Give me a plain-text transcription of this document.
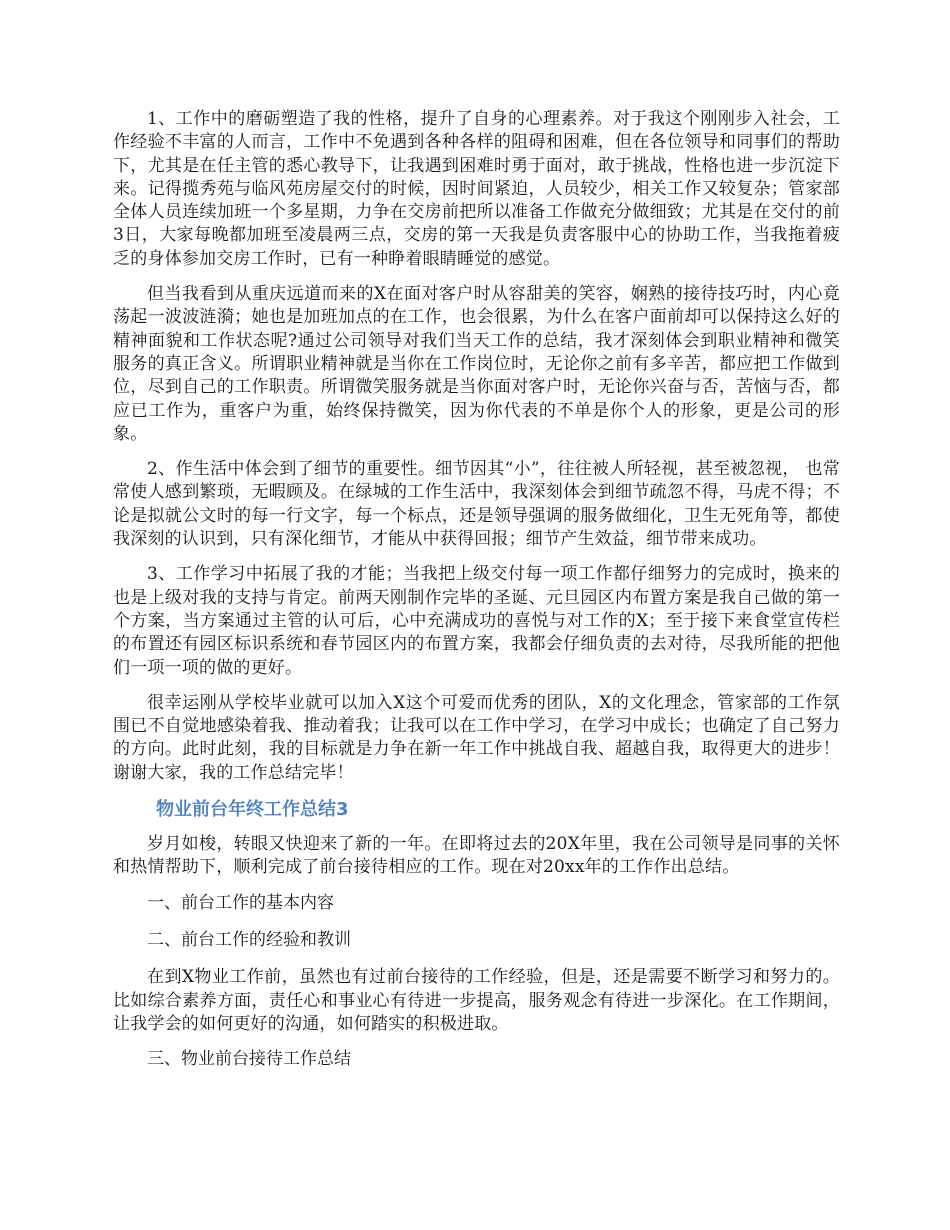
1、工作中的磨砺塑造了我的性格，提升了自身的心理素养。对于我这个刚刚步入社会，工作经验不丰富的人而言，工作中不免遇到各种各样的阻碍和困难，但在各位领导和同事们的帮助下，尤其是在任主管的悉心教导下，让我遇到困难时勇于面对，敢于挑战，性格也进一步沉淀下来。记得揽秀苑与临风苑房屋交付的时候，因时间紧迫，人员较少，相关工作又较复杂；管家部全体人员连续加班一个多星期，力争在交房前把所以准备工作做充分做细致；尤其是在交付的前3日，大家每晚都加班至凌晨两三点，交房的第一天我是负责客服中心的协助工作，当我拖着疲乏的身体参加交房工作时，已有一种睁着眼睛睡觉的感觉。

但当我看到从重庆远道而来的X在面对客户时从容甜美的笑容，娴熟的接待技巧时，内心竟荡起一波波涟漪；她也是加班加点的在工作，也会很累，为什么在客户面前却可以保持这么好的精神面貌和工作状态呢?通过公司领导对我们当天工作的总结，我才深刻体会到职业精神和微笑服务的真正含义。所谓职业精神就是当你在工作岗位时，无论你之前有多辛苦，都应把工作做到位，尽到自己的工作职责。所谓微笑服务就是当你面对客户时，无论你兴奋与否，苦恼与否，都应已工作为，重客户为重，始终保持微笑，因为你代表的不单是你个人的形象，更是公司的形象。

2、作生活中体会到了细节的重要性。细节因其“小”，往往被人所轻视，甚至被忽视， 也常常使人感到繁琐，无暇顾及。在绿城的工作生活中，我深刻体会到细节疏忽不得，马虎不得；不论是拟就公文时的每一行文字，每一个标点，还是领导强调的服务做细化，卫生无死角等，都使我深刻的认识到，只有深化细节，才能从中获得回报；细节产生效益，细节带来成功。

3、工作学习中拓展了我的才能；当我把上级交付每一项工作都仔细努力的完成时，换来的也是上级对我的支持与肯定。前两天刚制作完毕的圣诞、元旦园区内布置方案是我自己做的第一个方案，当方案通过主管的认可后，心中充满成功的喜悦与对工作的X；至于接下来食堂宣传栏的布置还有园区标识系统和春节园区内的布置方案，我都会仔细负责的去对待，尽我所能的把他们一项一项的做的更好。

很幸运刚从学校毕业就可以加入X这个可爱而优秀的团队，X的文化理念，管家部的工作氛围已不自觉地感染着我、推动着我；让我可以在工作中学习，在学习中成长；也确定了自己努力的方向。此时此刻，我的目标就是力争在新一年工作中挑战自我、超越自我，取得更大的进步！谢谢大家，我的工作总结完毕！

物业前台年终工作总结3

岁月如梭，转眼又快迎来了新的一年。在即将过去的20X年里，我在公司领导是同事的关怀和热情帮助下，顺利完成了前台接待相应的工作。现在对20xx年的工作作出总结。

一、前台工作的基本内容

二、前台工作的经验和教训

在到X物业工作前，虽然也有过前台接待的工作经验，但是，还是需要不断学习和努力的。比如综合素养方面，责任心和事业心有待进一步提高，服务观念有待进一步深化。在工作期间，让我学会的如何更好的沟通，如何踏实的积极进取。

三、物业前台接待工作总结
